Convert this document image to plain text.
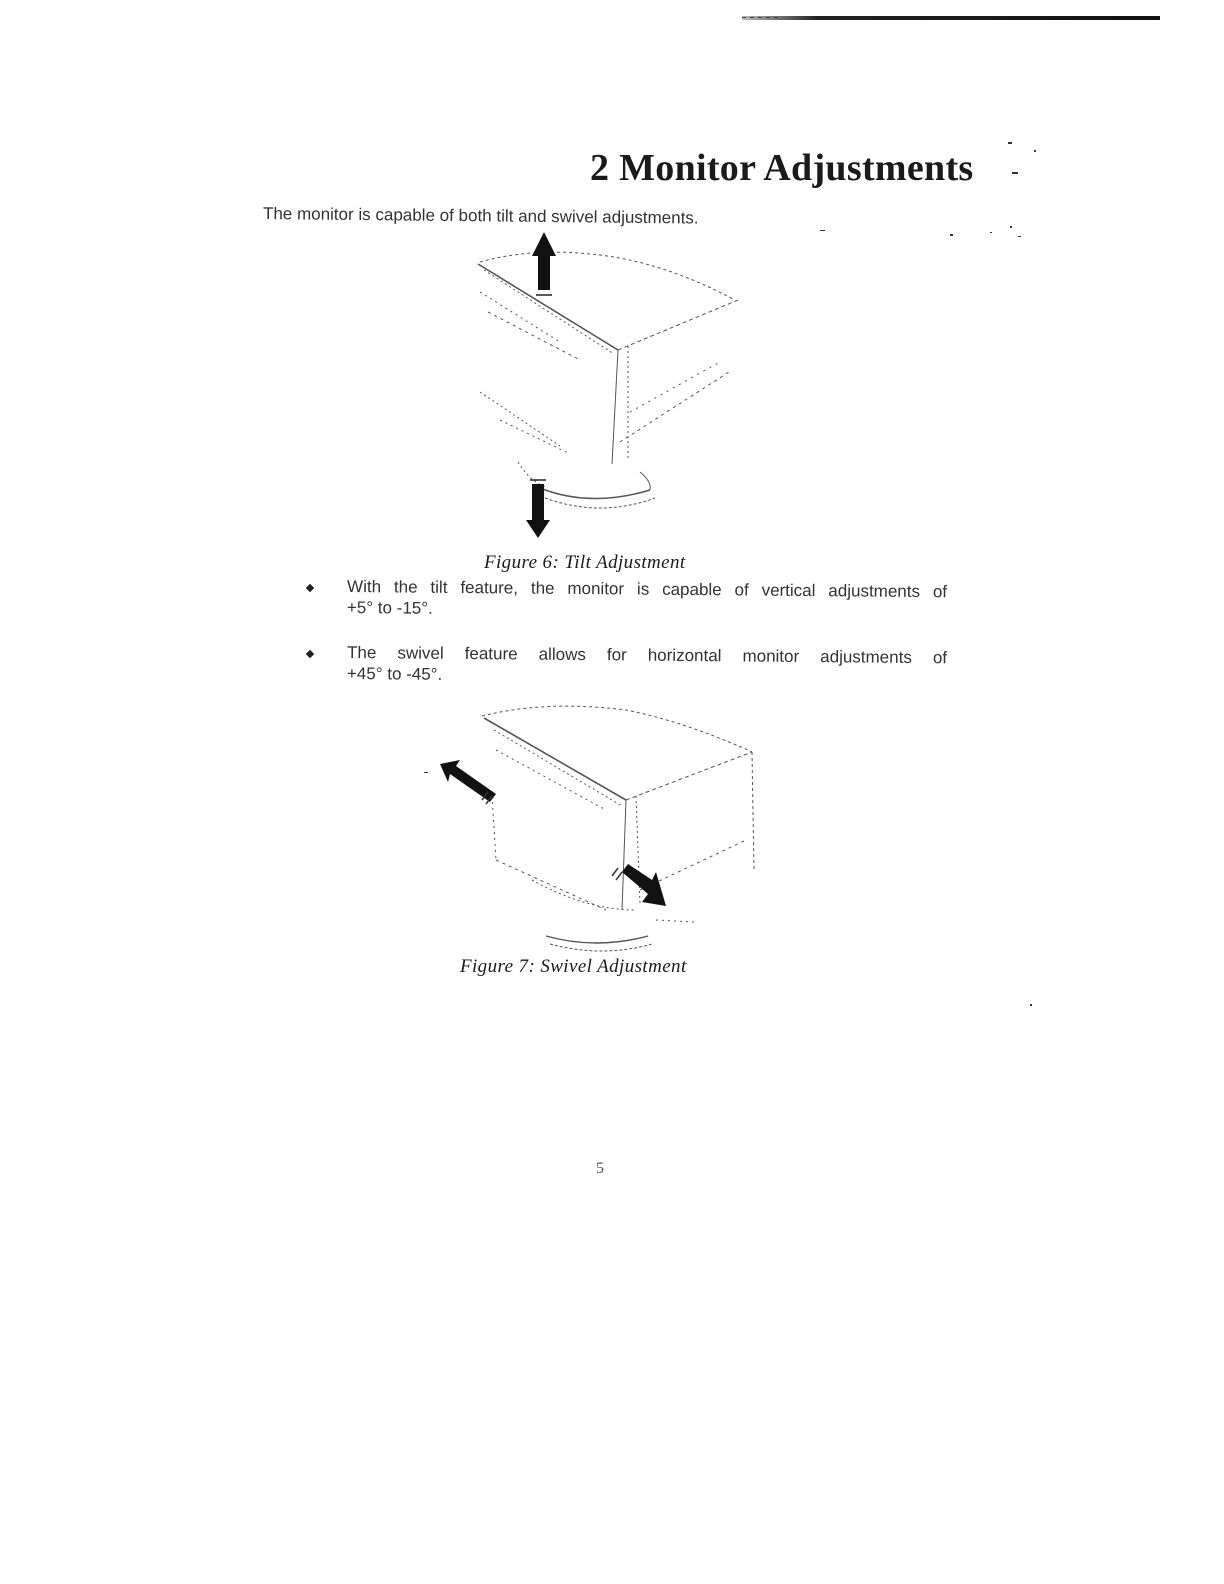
2 Monitor Adjustments

The monitor is capable of both tilt and swivel adjustments.

Figure 6: Tilt Adjustment

With the tilt feature, the monitor is capable of vertical adjustments of
+5° to -15°.

The swivel feature allows for horizontal monitor adjustments of
+45° to -45°.

Figure 7: Swivel Adjustment

5
